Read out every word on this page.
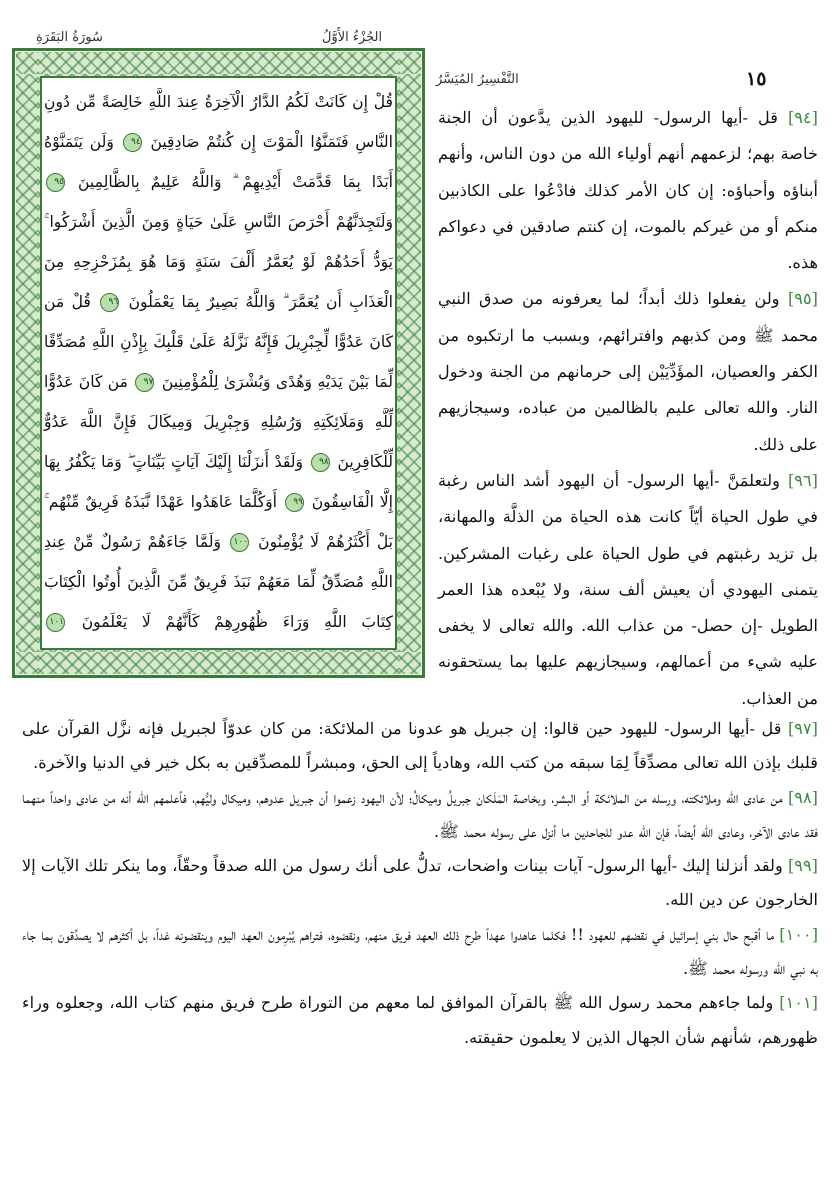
سُورَةُ البَقَرَةِ	الجُزْءُ الأَوَّلُ
التَّفْسِيرُ المُيَسَّرُ	١٥

قُلْ إِن كَانَتْ لَكُمُ الدَّارُ الْآخِرَةُ عِندَ اللَّهِ خَالِصَةً مِّن دُونِ النَّاسِ فَتَمَنَّوُا الْمَوْتَ إِن كُنتُمْ صَادِقِينَ ٩٤ وَلَن يَتَمَنَّوْهُ أَبَدًا بِمَا قَدَّمَتْ أَيْدِيهِمْ ۗ وَاللَّهُ عَلِيمٌ بِالظَّالِمِينَ ٩٥ وَلَتَجِدَنَّهُمْ أَحْرَصَ النَّاسِ عَلَىٰ حَيَاةٍ وَمِنَ الَّذِينَ أَشْرَكُوا ۚ يَوَدُّ أَحَدُهُمْ لَوْ يُعَمَّرُ أَلْفَ سَنَةٍ وَمَا هُوَ بِمُزَحْزِحِهِ مِنَ الْعَذَابِ أَن يُعَمَّرَ ۗ وَاللَّهُ بَصِيرٌ بِمَا يَعْمَلُونَ ٩٦ قُلْ مَن كَانَ عَدُوًّا لِّجِبْرِيلَ فَإِنَّهُ نَزَّلَهُ عَلَىٰ قَلْبِكَ بِإِذْنِ اللَّهِ مُصَدِّقًا لِّمَا بَيْنَ يَدَيْهِ وَهُدًى وَبُشْرَىٰ لِلْمُؤْمِنِينَ ٩٧ مَن كَانَ عَدُوًّا لِّلَّهِ وَمَلَائِكَتِهِ وَرُسُلِهِ وَجِبْرِيلَ وَمِيكَالَ فَإِنَّ اللَّهَ عَدُوٌّ لِّلْكَافِرِينَ ٩٨ وَلَقَدْ أَنزَلْنَا إِلَيْكَ آيَاتٍ بَيِّنَاتٍ ۖ وَمَا يَكْفُرُ بِهَا إِلَّا الْفَاسِقُونَ ٩٩ أَوَكُلَّمَا عَاهَدُوا عَهْدًا نَّبَذَهُ فَرِيقٌ مِّنْهُم ۚ بَلْ أَكْثَرُهُمْ لَا يُؤْمِنُونَ ١٠٠ وَلَمَّا جَاءَهُمْ رَسُولٌ مِّنْ عِندِ اللَّهِ مُصَدِّقٌ لِّمَا مَعَهُمْ نَبَذَ فَرِيقٌ مِّنَ الَّذِينَ أُوتُوا الْكِتَابَ كِتَابَ اللَّهِ وَرَاءَ ظُهُورِهِمْ كَأَنَّهُمْ لَا يَعْلَمُونَ ١٠١

[٩٤] قل -أيها الرسول- لليهود الذين يدَّعون أن الجنة خاصة بهم؛ لزعمهم أنهم أولياء الله من دون الناس، وأنهم أبناؤه وأحباؤه: إن كان الأمر كذلك فادْعُوا على الكاذبين منكم أو من غيركم بالموت، إن كنتم صادقين في دعواكم هذه.

[٩٥] ولن يفعلوا ذلك أبداً؛ لما يعرفونه من صدق النبي محمد ﷺ ومن كذبهم وافترائهم، وبسبب ما ارتكبوه من الكفر والعصيان، المؤَدِّيَيْن إلى حرمانهم من الجنة ودخول النار. والله تعالى عليم بالظالمين من عباده، وسيجازيهم على ذلك.

[٩٦] ولتعلمَنَّ -أيها الرسول- أن اليهود أشد الناس رغبة في طول الحياة أيّاً كانت هذه الحياة من الذلَّة والمهانة، بل تزيد رغبتهم في طول الحياة على رغبات المشركين. يتمنى اليهودي أن يعيش ألف سنة، ولا يُبْعده هذا العمر الطويل -إن حصل- من عذاب الله. والله تعالى لا يخفى عليه شيء من أعمالهم، وسيجازيهم عليها بما يستحقونه من العذاب.

[٩٧] قل -أيها الرسول- لليهود حين قالوا: إن جبريل هو عدونا من الملائكة: من كان عدوّاً لجبريل فإنه نزَّل القرآن على قلبك بإذن الله تعالى مصدِّقاً لِمَا سبقه من كتب الله، وهادياً إلى الحق، ومبشراً للمصدِّقين به بكل خير في الدنيا والآخرة.

[٩٨] من عادى الله وملائكته، ورسله من الملائكة أو البشر، وبخاصة المَلَكان جبريلُ وميكالُ؛ لأن اليهود زعموا أن جبريل عدوهم، وميكال وليُّهم، فأعلمهم الله أنه من عادى واحداً منهما فقد عادى الآخر، وعادى الله أيضاً، فإن الله عدو للجاحدين ما أنزل على رسوله محمد ﷺ.

[٩٩] ولقد أنزلنا إليك -أيها الرسول- آيات بينات واضحات، تدلُّ على أنك رسول من الله صدقاً وحقّاً، وما ينكر تلك الآيات إلا الخارجون عن دين الله.

[١٠٠] ما أقبح حال بني إسرائيل في نقضهم للعهود !! فكلما عاهدوا عهداً طرح ذلك العهد فريق منهم، ونقضوه، فتراهم يُبْرِمون العهد اليوم وينقضونه غداً، بل أكثرهم لا يصدِّقون بما جاء به نبي الله ورسوله محمد ﷺ.

[١٠١] ولما جاءهم محمد رسول الله ﷺ بالقرآن الموافق لما معهم من التوراة طرح فريق منهم كتاب الله، وجعلوه وراء ظهورهم، شأنهم شأن الجهال الذين لا يعلمون حقيقته.
